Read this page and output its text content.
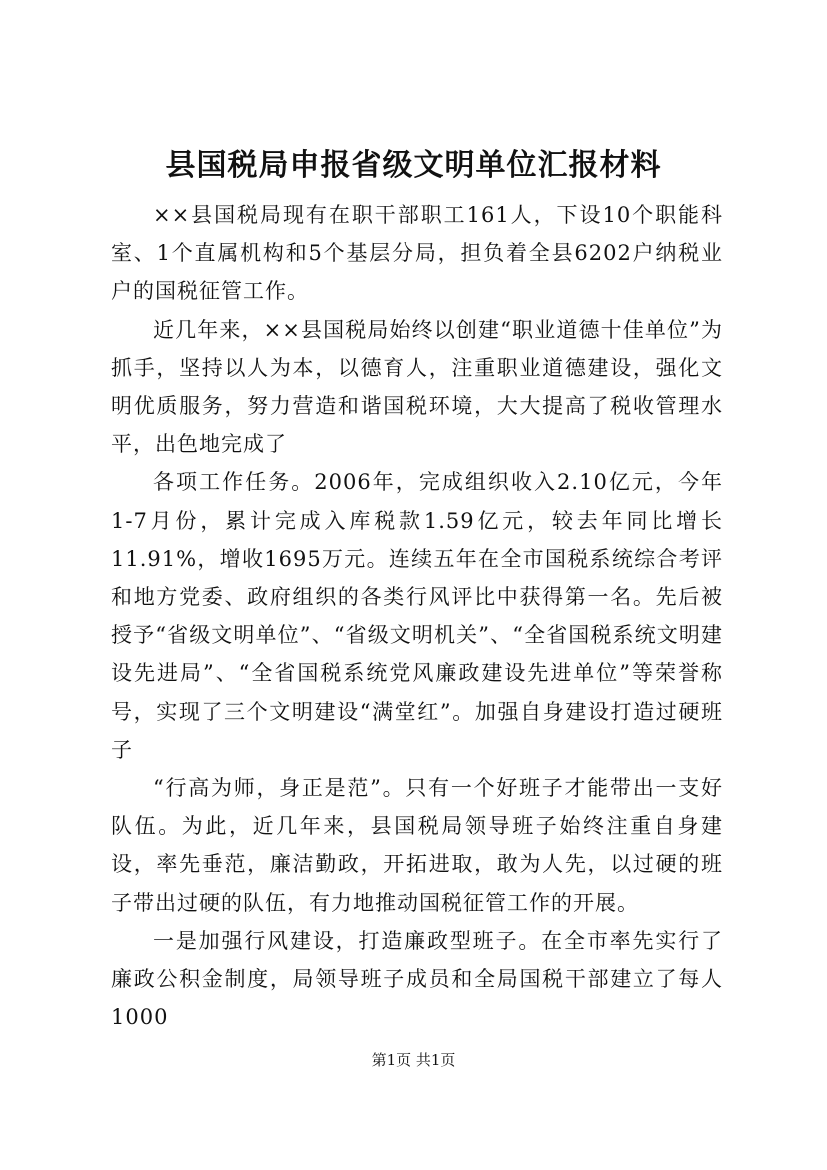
县国税局申报省级文明单位汇报材料

××县国税局现有在职干部职工161人，下设10个职能科室、1个直属机构和5个基层分局，担负着全县6202户纳税业户的国税征管工作。

近几年来，××县国税局始终以创建“职业道德十佳单位”为抓手，坚持以人为本，以德育人，注重职业道德建设，强化文明优质服务，努力营造和谐国税环境，大大提高了税收管理水平，出色地完成了

各项工作任务。2006年，完成组织收入2.10亿元，今年1-7月份，累计完成入库税款1.59亿元，较去年同比增长11.91%，增收1695万元。连续五年在全市国税系统综合考评和地方党委、政府组织的各类行风评比中获得第一名。先后被授予“省级文明单位”、“省级文明机关”、“全省国税系统文明建设先进局”、“全省国税系统党风廉政建设先进单位”等荣誉称号，实现了三个文明建设“满堂红”。加强自身建设打造过硬班子

“行高为师，身正是范”。只有一个好班子才能带出一支好队伍。为此，近几年来，县国税局领导班子始终注重自身建设，率先垂范，廉洁勤政，开拓进取，敢为人先，以过硬的班子带出过硬的队伍，有力地推动国税征管工作的开展。

一是加强行风建设，打造廉政型班子。在全市率先实行了廉政公积金制度，局领导班子成员和全局国税干部建立了每人1000

第1页 共1页
